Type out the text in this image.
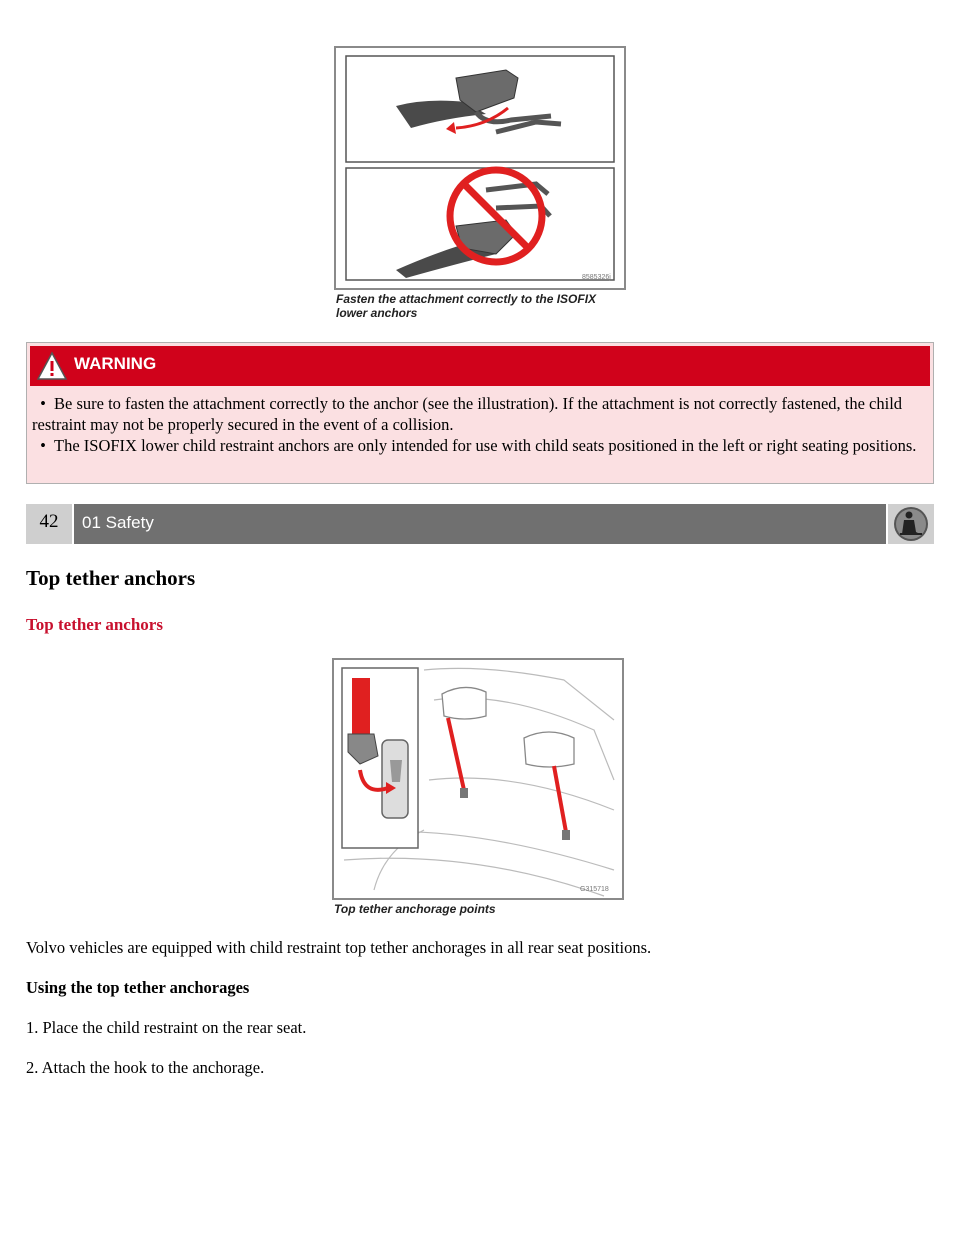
8585326j
Fasten the attachment correctly to the ISOFIX lower anchors
WARNING
• Be sure to fasten the attachment correctly to the anchor (see the illustration). If the attachment is not correctly fastened, the child restraint may not be properly secured in the event of a collision.
• The ISOFIX lower child restraint anchors are only intended for use with child seats positioned in the left or right seating positions.
42	01 Safety
Top tether anchors
Top tether anchors
G315718
Top tether anchorage points

Volvo vehicles are equipped with child restraint top tether anchorages in all rear seat positions.

Using the top tether anchorages

1. Place the child restraint on the rear seat.

2. Attach the hook to the anchorage.
